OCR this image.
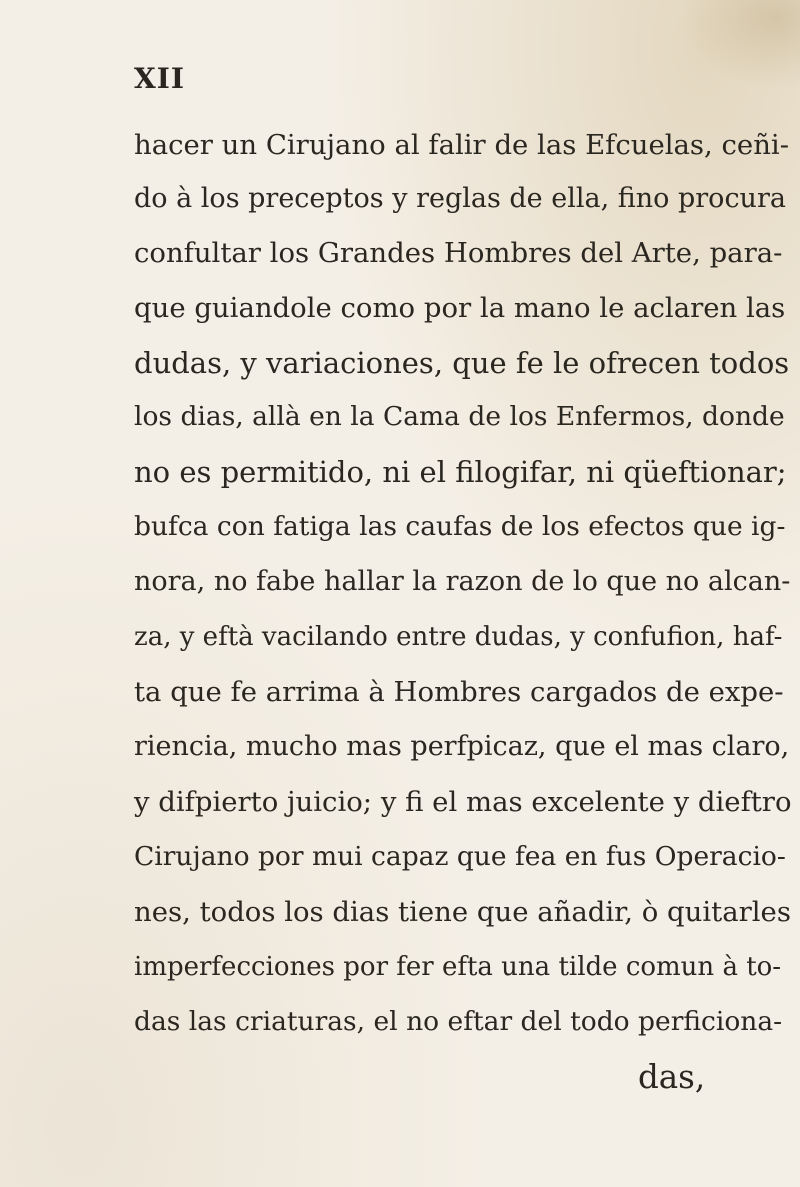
XII
hacer un Cirujano al falir de las Efcuelas, ceñi-
do à los preceptos y reglas de ella, fino procura
confultar los Grandes Hombres del Arte, para-
que guiandole como por la mano le aclaren las
dudas, y variaciones, que fe le ofrecen todos
los dias, allà en la Cama de los Enfermos, donde
no es permitido, ni el filogifar, ni qüeftionar;
bufca con fatiga las caufas de los efectos que ig-
nora, no fabe hallar la razon de lo que no alcan-
za, y eftà vacilando entre dudas, y confufion, haf-
ta que fe arrima à Hombres cargados de expe-
riencia, mucho mas perfpicaz, que el mas claro,
y difpierto juicio; y fi el mas excelente y dieftro
Cirujano por mui capaz que fea en fus Operacio-
nes, todos los dias tiene que añadir, ò quitarles
imperfecciones por fer efta una tilde comun à to-
das las criaturas, el no eftar del todo perficiona-
das,
